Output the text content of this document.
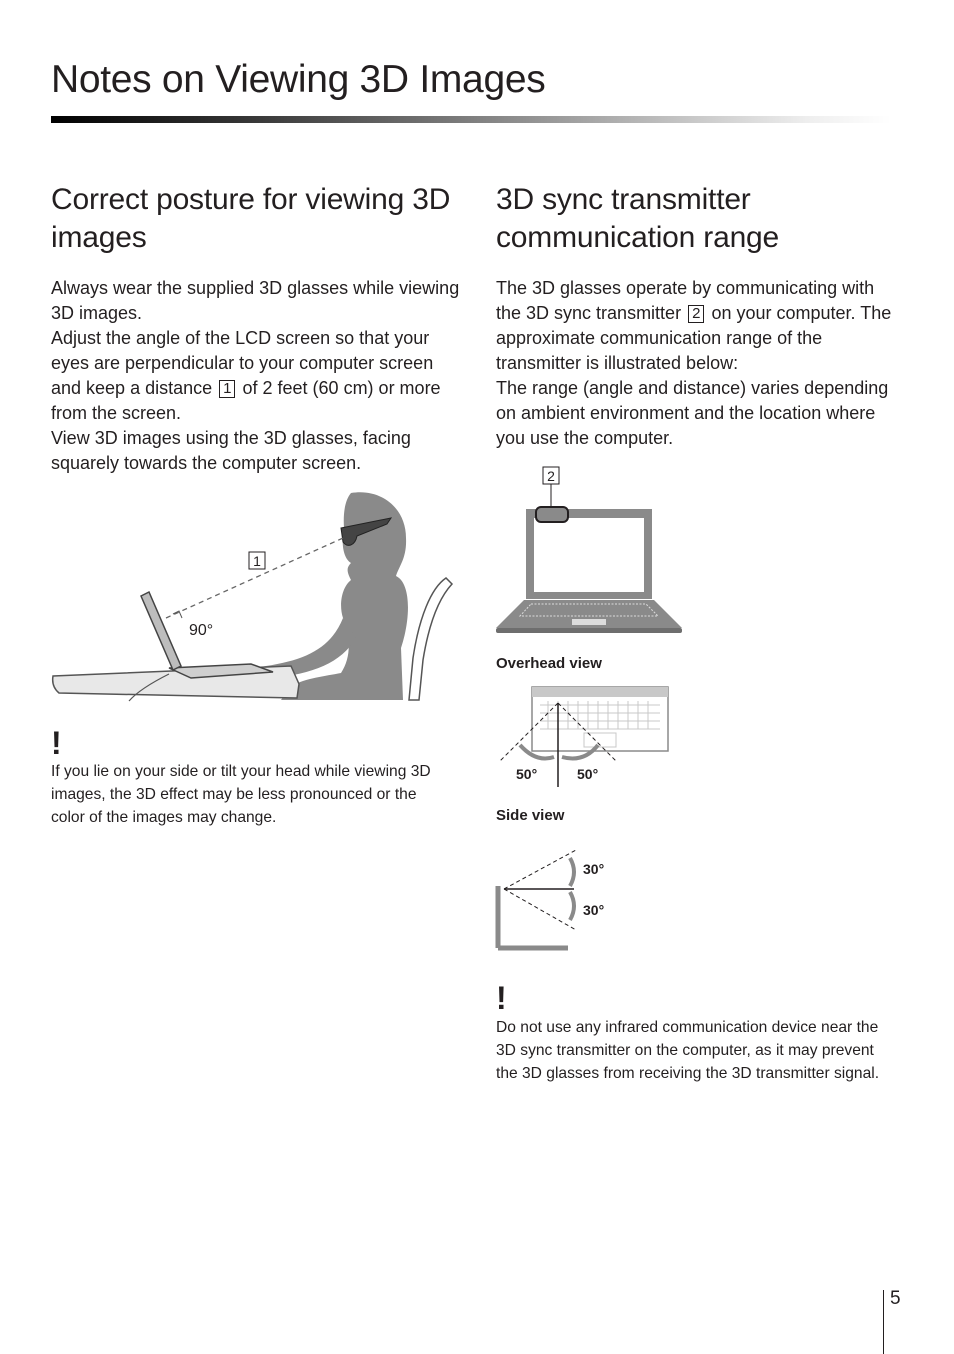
Notes on Viewing 3D Images
Correct posture for viewing 3D images

Always wear the supplied 3D glasses while viewing 3D images.

Adjust the angle of the LCD screen so that your eyes are perpendicular to your computer screen and keep a distance 1 of 2 feet (60 cm) or more from the screen.

View 3D images using the 3D glasses, facing squarely towards the computer screen.

1
90°
!

If you lie on your side or tilt your head while viewing 3D images, the 3D effect may be less pronounced or the color of the images may change.

3D sync transmitter communication range

The 3D glasses operate by communicating with the 3D sync transmitter 2 on your computer. The approximate communication range of the transmitter is illustrated below:

The range (angle and distance) varies depending on ambient environment and the location where you use the computer.

2
Overhead view
50°	50°
Side view
30°
30°
!

Do not use any infrared communication device near the 3D sync transmitter on the computer, as it may prevent the 3D glasses from receiving the 3D transmitter signal.

5
